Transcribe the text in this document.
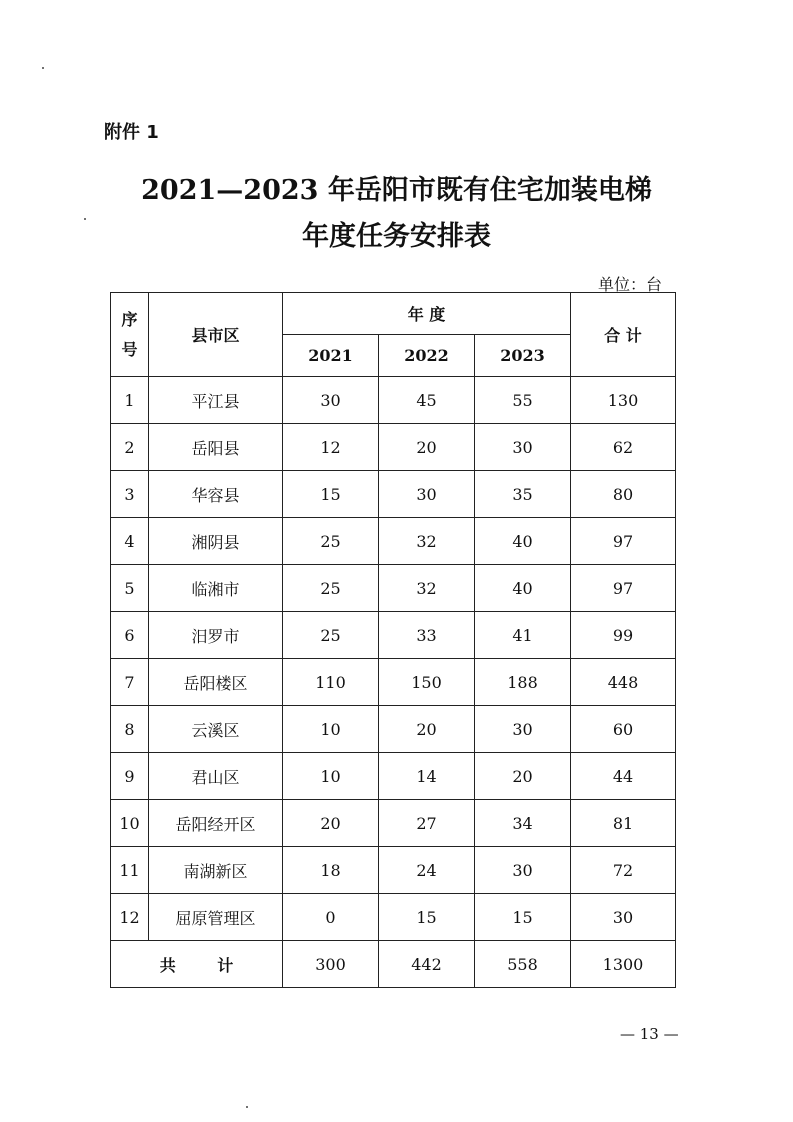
附件 1
2021—2023 年岳阳市既有住宅加装电梯
年度任务安排表
单位：台
序
号	县市区	年 度			合 计
		2021	2022	2023	
1	平江县	30	45	55	130
2	岳阳县	12	20	30	62
3	华容县	15	30	35	80
4	湘阴县	25	32	40	97
5	临湘市	25	32	40	97
6	汨罗市	25	33	41	99
7	岳阳楼区	110	150	188	448
8	云溪区	10	20	30	60
9	君山区	10	14	20	44
10	岳阳经开区	20	27	34	81
11	南湖新区	18	24	30	72
12	屈原管理区	0	15	15	30
共 计		300	442	558	1300
— 13 —
